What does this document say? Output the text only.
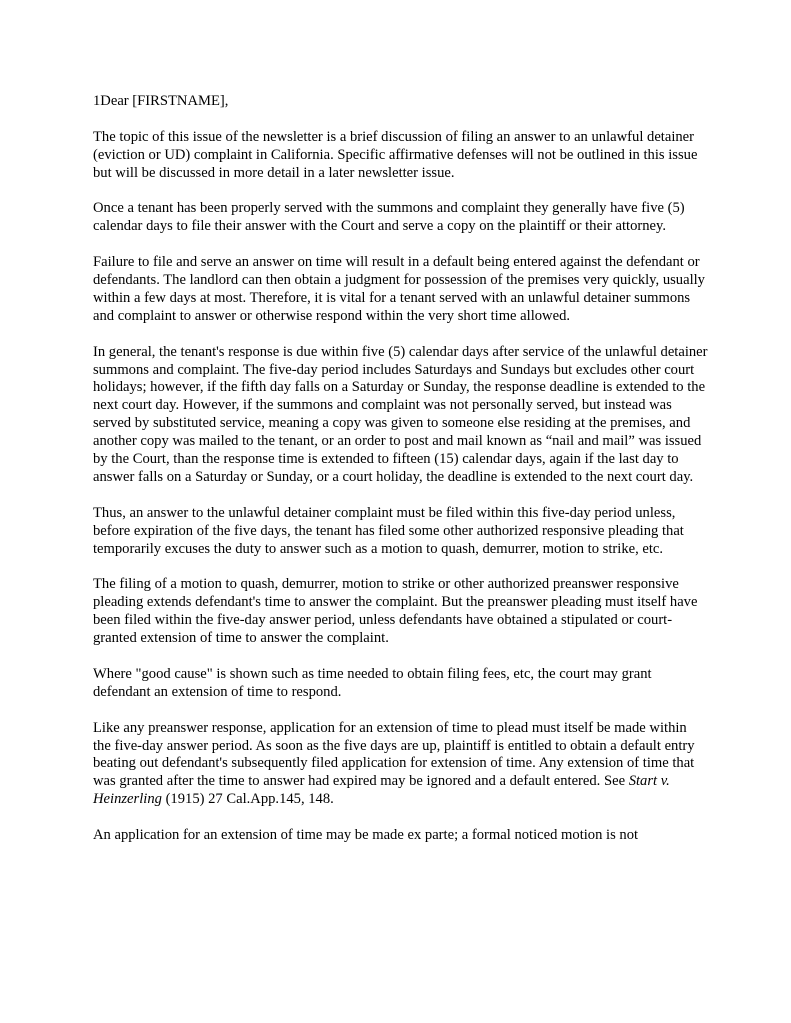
1Dear [FIRSTNAME],

The topic of this issue of the newsletter is a brief discussion of filing an answer to an unlawful detainer (eviction or UD) complaint in California. Specific affirmative defenses will not be outlined in this issue but will be discussed in more detail in a later newsletter issue.

Once a tenant has been properly served with the summons and complaint they generally have five (5) calendar days to file their answer with the Court and serve a copy on the plaintiff or their attorney.

Failure to file and serve an answer on time will result in a default being entered against the defendant or defendants. The landlord can then obtain a judgment for possession of the premises very quickly, usually within a few days at most. Therefore, it is vital for a tenant served with an unlawful detainer summons and complaint to answer or otherwise respond within the very short time allowed.

In general, the tenant's response is due within five (5) calendar days after service of the unlawful detainer summons and complaint. The five-day period includes Saturdays and Sundays but excludes other court holidays; however, if the fifth day falls on a Saturday or Sunday, the response deadline is extended to the next court day. However, if the summons and complaint was not personally served, but instead was served by substituted service, meaning a copy was given to someone else residing at the premises, and another copy was mailed to the tenant, or an order to post and mail known as “nail and mail” was issued by the Court, than the response time is extended to fifteen (15) calendar days, again if the last day to answer falls on a Saturday or Sunday, or a court holiday, the deadline is extended to the next court day.

Thus, an answer to the unlawful detainer complaint must be filed within this five-day period unless, before expiration of the five days, the tenant has filed some other authorized responsive pleading that temporarily excuses the duty to answer such as a motion to quash, demurrer, motion to strike, etc.

The filing of a motion to quash, demurrer, motion to strike or other authorized preanswer responsive pleading extends defendant's time to answer the complaint. But the preanswer pleading must itself have been filed within the five-day answer period, unless defendants have obtained a stipulated or court-granted extension of time to answer the complaint.

Where "good cause" is shown such as time needed to obtain filing fees, etc, the court may grant defendant an extension of time to respond.

Like any preanswer response, application for an extension of time to plead must itself be made within the five-day answer period. As soon as the five days are up, plaintiff is entitled to obtain a default entry beating out defendant's subsequently filed application for extension of time. Any extension of time that was granted after the time to answer had expired may be ignored and a default entered. See Start v. Heinzerling (1915) 27 Cal.App.145, 148.

An application for an extension of time may be made ex parte; a formal noticed motion is not
